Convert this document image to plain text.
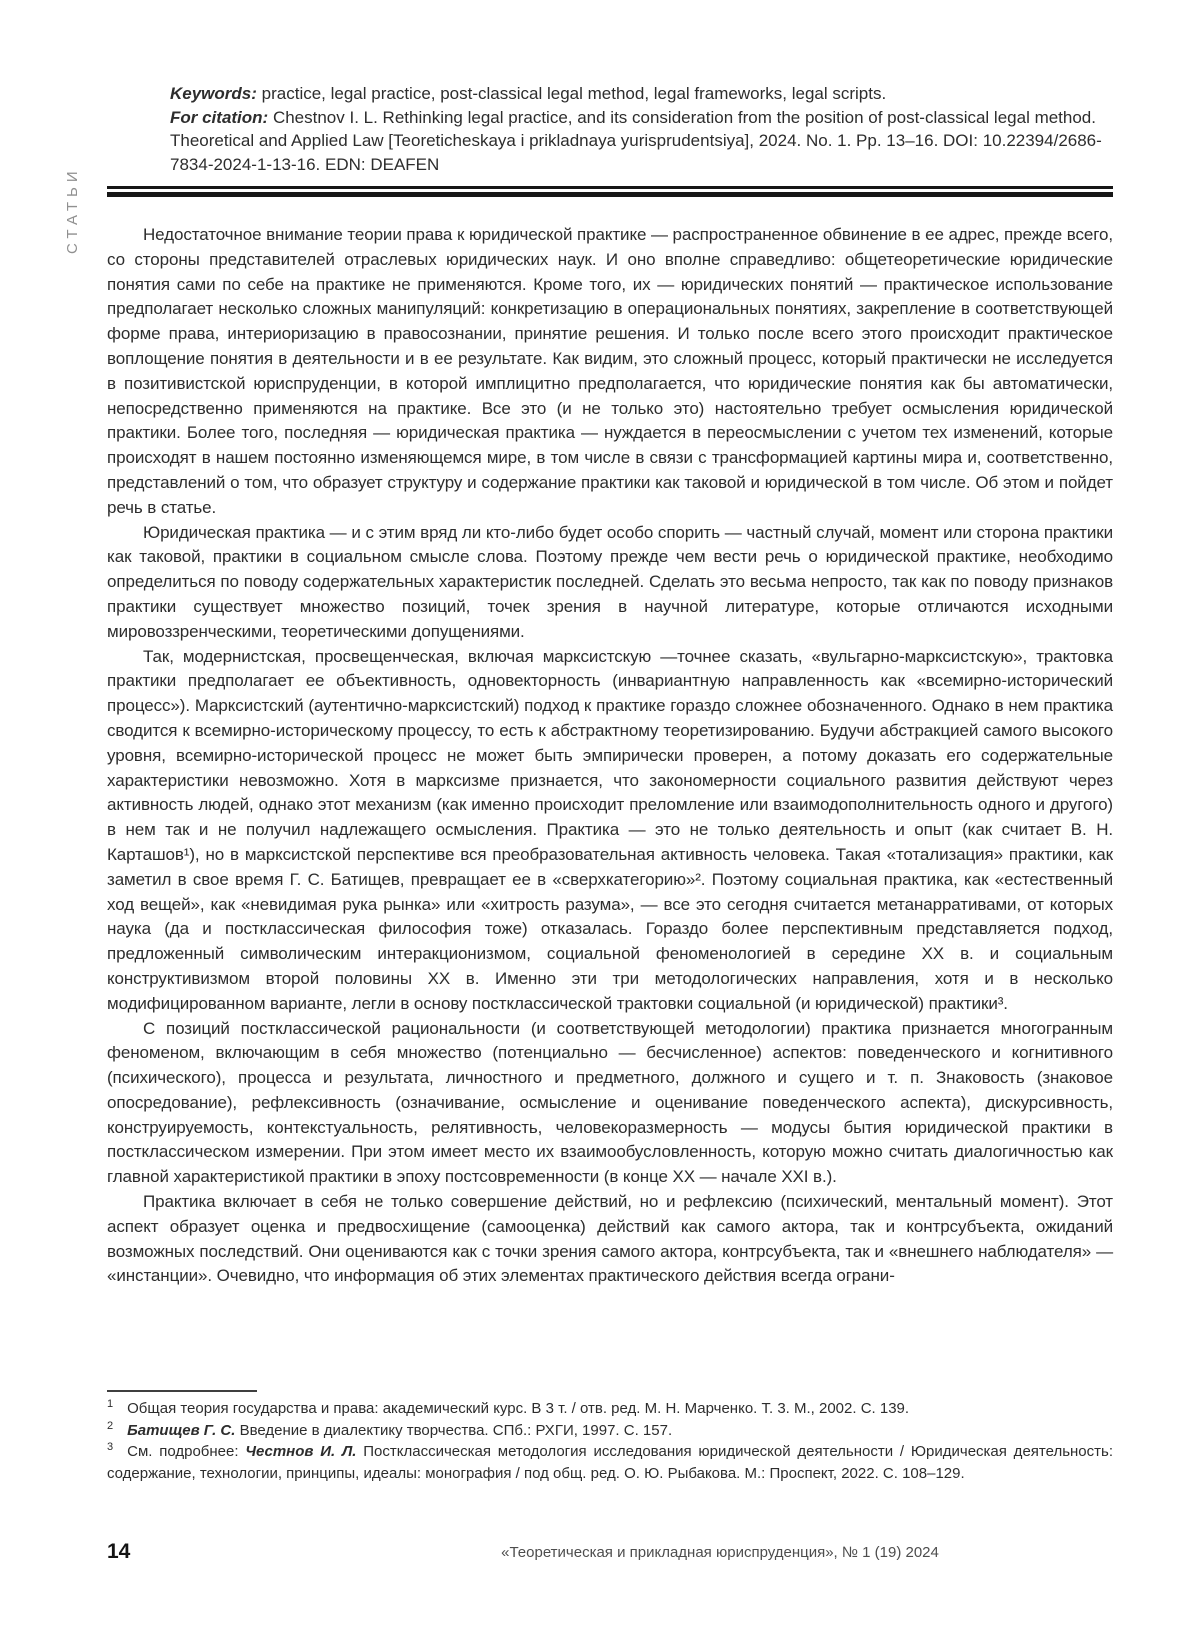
СТАТЬИ

Keywords: practice, legal practice, post-classical legal method, legal frameworks, legal scripts.

For citation: Chestnov I. L. Rethinking legal practice, and its consideration from the position of post-classical legal method. Theoretical and Applied Law [Teoreticheskaya i prikladnaya yurisprudentsiya], 2024. No. 1. Pp. 13–16. DOI: 10.22394/2686-7834-2024-1-13-16. EDN: DEAFEN

Недостаточное внимание теории права к юридической практике — распространенное обвинение в ее адрес, прежде всего, со стороны представителей отраслевых юридических наук. И оно вполне справедливо: общетеоретические юридические понятия сами по себе на практике не применяются. Кроме того, их — юридических понятий — практическое использование предполагает несколько сложных манипуляций: конкретизацию в операциональных понятиях, закрепление в соответствующей форме права, интериоризацию в правосознании, принятие решения. И только после всего этого происходит практическое воплощение понятия в деятельности и в ее результате. Как видим, это сложный процесс, который практически не исследуется в позитивистской юриспруденции, в которой имплицитно предполагается, что юридические понятия как бы автоматически, непосредственно применяются на практике. Все это (и не только это) настоятельно требует осмысления юридической практики. Более того, последняя — юридическая практика — нуждается в переосмыслении с учетом тех изменений, которые происходят в нашем постоянно изменяющемся мире, в том числе в связи с трансформацией картины мира и, соответственно, представлений о том, что образует структуру и содержание практики как таковой и юридической в том числе. Об этом и пойдет речь в статье.

Юридическая практика — и с этим вряд ли кто-либо будет особо спорить — частный случай, момент или сторона практики как таковой, практики в социальном смысле слова. Поэтому прежде чем вести речь о юридической практике, необходимо определиться по поводу содержательных характеристик последней. Сделать это весьма непросто, так как по поводу признаков практики существует множество позиций, точек зрения в научной литературе, которые отличаются исходными мировоззренческими, теоретическими допущениями.

Так, модернистская, просвещенческая, включая марксистскую —точнее сказать, «вульгарно-марксистскую», трактовка практики предполагает ее объективность, одновекторность (инвариантную направленность как «всемирно-исторический процесс»). Марксистский (аутентично-марксистский) подход к практике гораздо сложнее обозначенного. Однако в нем практика сводится к всемирно-историческому процессу, то есть к абстрактному теоретизированию. Будучи абстракцией самого высокого уровня, всемирно-исторической процесс не может быть эмпирически проверен, а потому доказать его содержательные характеристики невозможно. Хотя в марксизме признается, что закономерности социального развития действуют через активность людей, однако этот механизм (как именно происходит преломление или взаимодополнительность одного и другого) в нем так и не получил надлежащего осмысления. Практика — это не только деятельность и опыт (как считает В. Н. Карташов¹), но в марксистской перспективе вся преобразовательная активность человека. Такая «тотализация» практики, как заметил в свое время Г. С. Батищев, превращает ее в «сверхкатегорию»². Поэтому социальная практика, как «естественный ход вещей», как «невидимая рука рынка» или «хитрость разума», — все это сегодня считается метанарративами, от которых наука (да и постклассическая философия тоже) отказалась. Гораздо более перспективным представляется подход, предложенный символическим интеракционизмом, социальной феноменологией в середине XX в. и социальным конструктивизмом второй половины XX в. Именно эти три методологических направления, хотя и в несколько модифицированном варианте, легли в основу постклассической трактовки социальной (и юридической) практики³.

С позиций постклассической рациональности (и соответствующей методологии) практика признается многогранным феноменом, включающим в себя множество (потенциально — бесчисленное) аспектов: поведенческого и когнитивного (психического), процесса и результата, личностного и предметного, должного и сущего и т. п. Знаковость (знаковое опосредование), рефлексивность (означивание, осмысление и оценивание поведенческого аспекта), дискурсивность, конструируемость, контекстуальность, релятивность, человекоразмерность — модусы бытия юридической практики в постклассическом измерении. При этом имеет место их взаимообусловленность, которую можно считать диалогичностью как главной характеристикой практики в эпоху постсовременности (в конце XX — начале XXI в.).

Практика включает в себя не только совершение действий, но и рефлексию (психический, ментальный момент). Этот аспект образует оценка и предвосхищение (самооценка) действий как самого актора, так и контрсубъекта, ожиданий возможных последствий. Они оцениваются как с точки зрения самого актора, контрсубъекта, так и «внешнего наблюдателя» — «инстанции». Очевидно, что информация об этих элементах практического действия всегда ограни-

$^1$ Общая теория государства и права: академический курс. В 3 т. / отв. ред. М. Н. Марченко. Т. 3. М., 2002. С. 139.

$^2$ Батищев Г. С. Введение в диалектику творчества. СПб.: РХГИ, 1997. С. 157.

$^3$ См. подробнее: Честнов И. Л. Постклассическая методология исследования юридической деятельности / Юридическая деятельность: содержание, технологии, принципы, идеалы: монография / под общ. ред. О. Ю. Рыбакова. М.: Проспект, 2022. С. 108–129.

14	«Теоретическая и прикладная юриспруденция», № 1 (19) 2024
